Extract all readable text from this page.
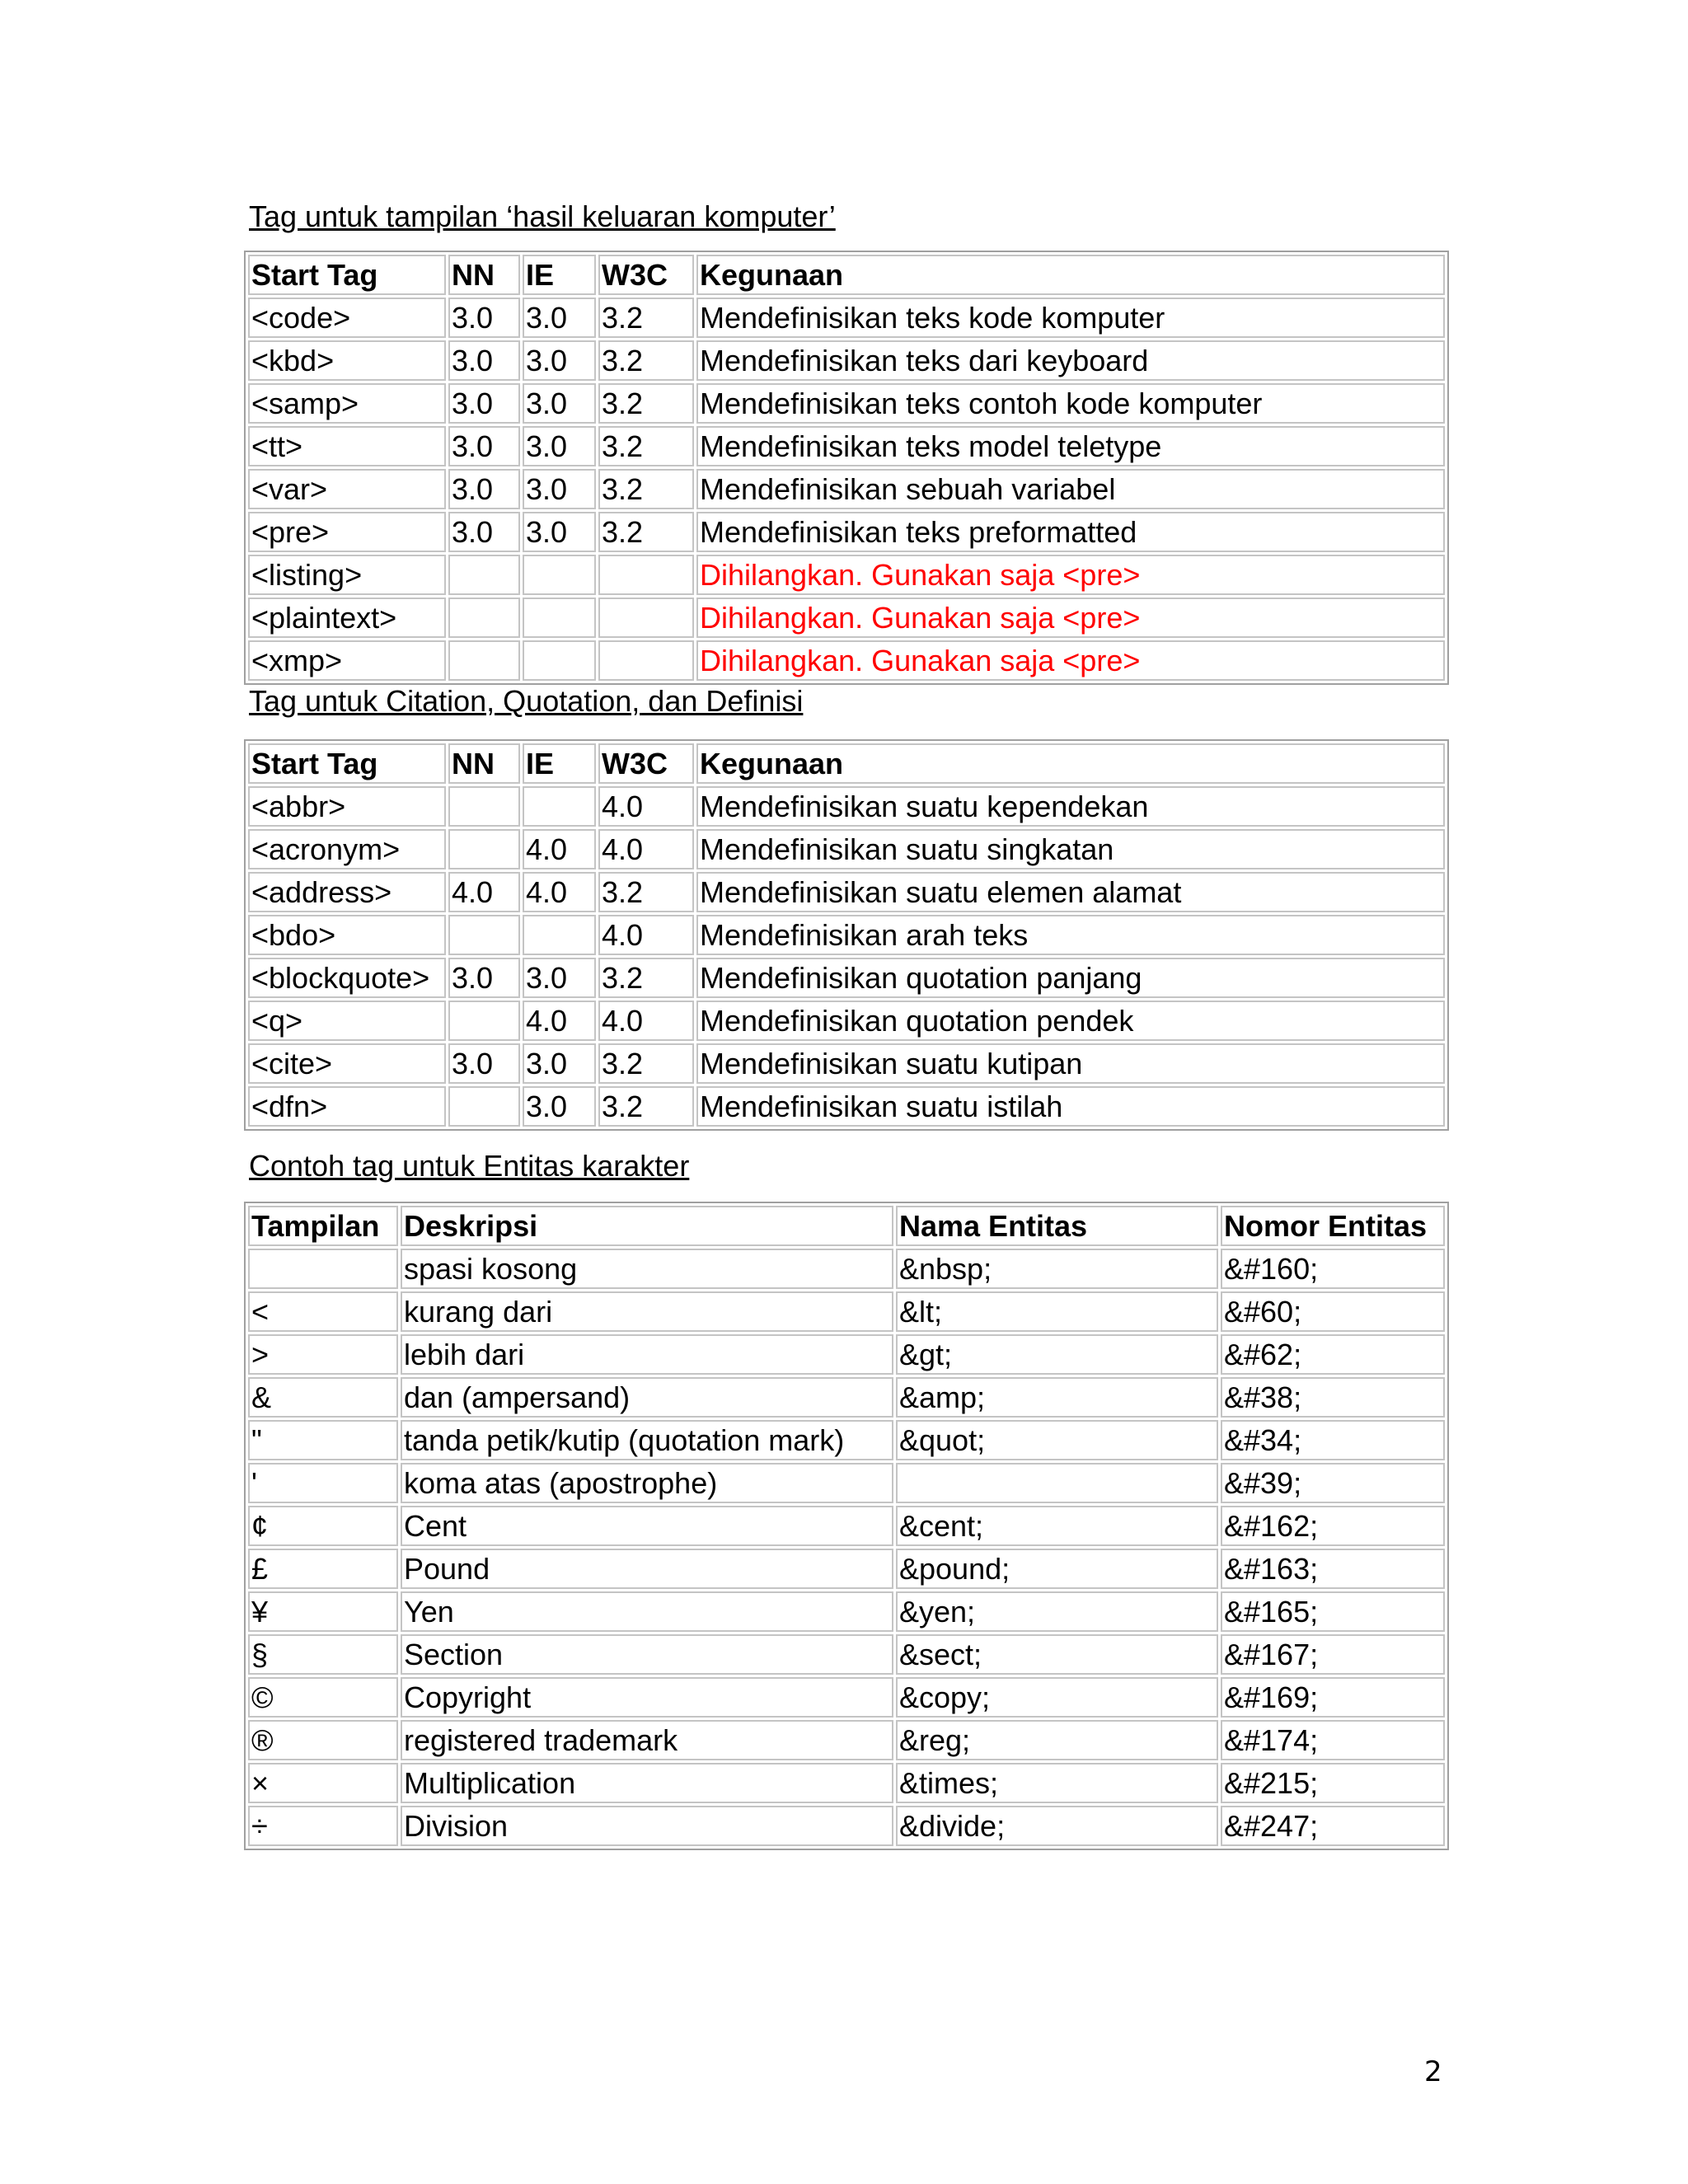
Tag untuk tampilan ‘hasil keluaran komputer’
Start Tag	NN	IE	W3C	Kegunaan
<code>	3.0	3.0	3.2	Mendefinisikan teks kode komputer
<kbd>	3.0	3.0	3.2	Mendefinisikan teks dari keyboard
<samp>	3.0	3.0	3.2	Mendefinisikan teks contoh kode komputer
<tt>	3.0	3.0	3.2	Mendefinisikan teks model teletype
<var>	3.0	3.0	3.2	Mendefinisikan sebuah variabel
<pre>	3.0	3.0	3.2	Mendefinisikan teks preformatted
<listing>				Dihilangkan. Gunakan saja <pre>
<plaintext>				Dihilangkan. Gunakan saja <pre>
<xmp>				Dihilangkan. Gunakan saja <pre>
Tag untuk Citation, Quotation, dan Definisi
Start Tag	NN	IE	W3C	Kegunaan
<abbr>			4.0	Mendefinisikan suatu kependekan
<acronym>		4.0	4.0	Mendefinisikan suatu singkatan
<address>	4.0	4.0	3.2	Mendefinisikan suatu elemen alamat
<bdo>			4.0	Mendefinisikan arah teks
<blockquote>	3.0	3.0	3.2	Mendefinisikan quotation panjang
<q>		4.0	4.0	Mendefinisikan quotation pendek
<cite>	3.0	3.0	3.2	Mendefinisikan suatu kutipan
<dfn>		3.0	3.2	Mendefinisikan suatu istilah
Contoh tag untuk Entitas karakter
Tampilan	Deskripsi	Nama Entitas	Nomor Entitas
	spasi kosong	&nbsp;	&#160;
<	kurang dari	&lt;	&#60;
>	lebih dari	&gt;	&#62;
&	dan (ampersand)	&amp;	&#38;
"	tanda petik/kutip (quotation mark)	&quot;	&#34;
'	koma atas (apostrophe)		&#39;
¢	Cent	&cent;	&#162;
£	Pound	&pound;	&#163;
¥	Yen	&yen;	&#165;
§	Section	&sect;	&#167;
©	Copyright	&copy;	&#169;
®	registered trademark	&reg;	&#174;
×	Multiplication	&times;	&#215;
÷	Division	&divide;	&#247;
2
